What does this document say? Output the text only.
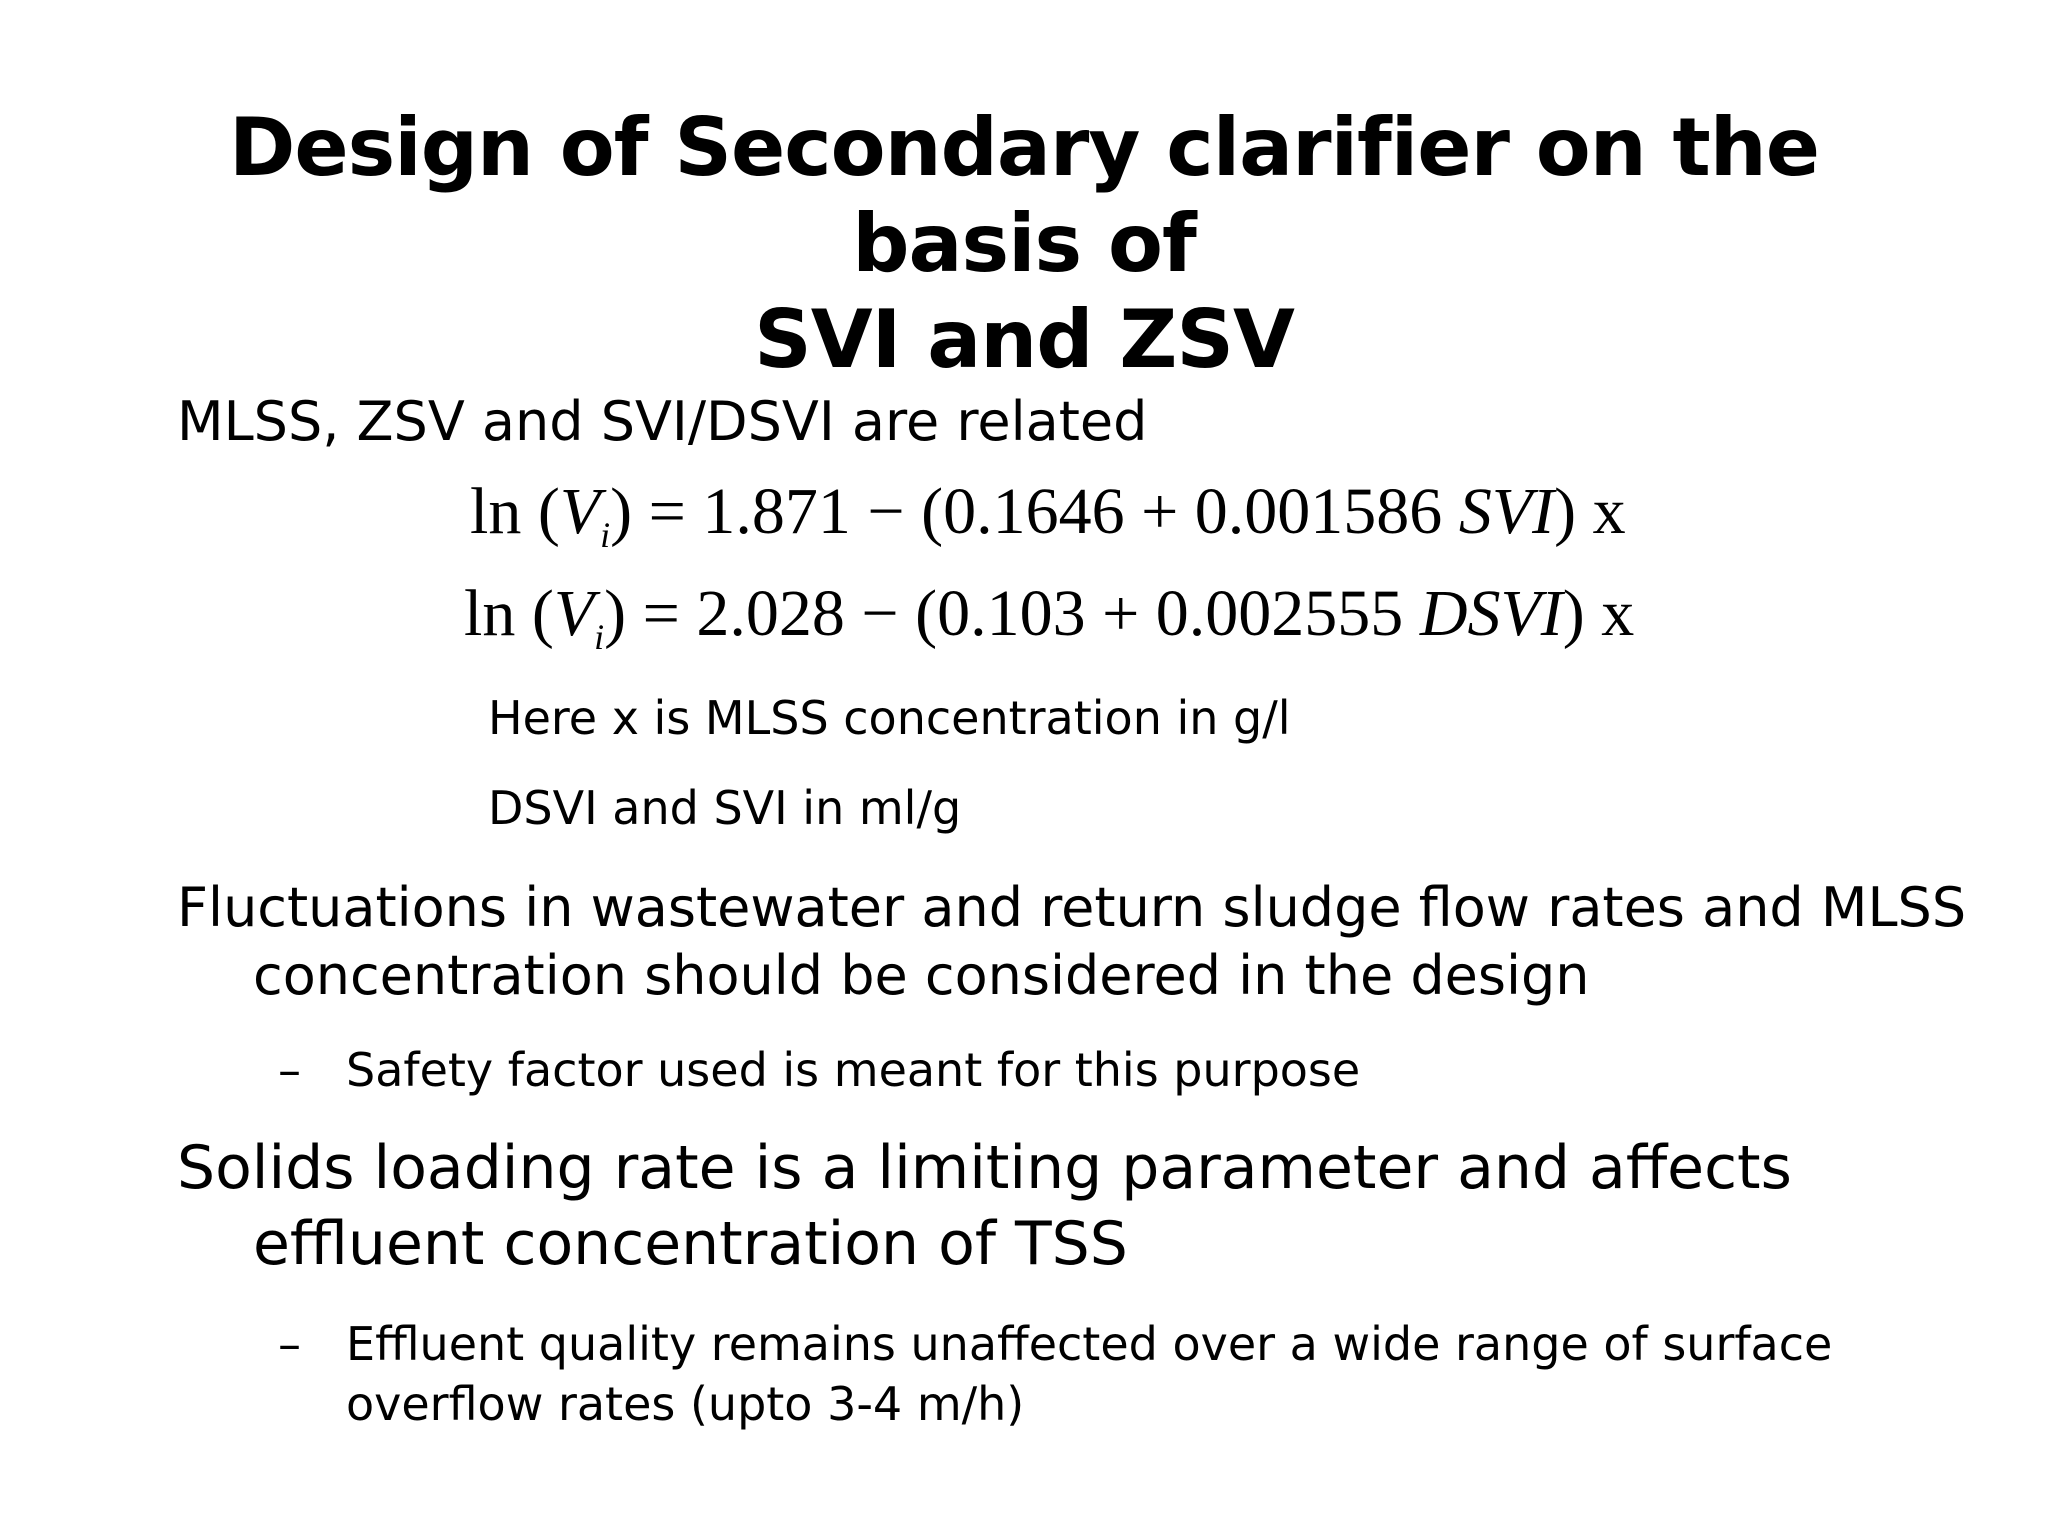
Design of Secondary clarifier on the basis of
SVI and ZSV
MLSS, ZSV and SVI/DSVI are related
$\ln (V_i) = 1.871 - (0.1646 + 0.001586$ SVI) x
$\ln (V_i) = 2.028 - (0.103 + 0.002555$ DSVI) x
Here x is MLSS concentration in g/l
DSVI and SVI in ml/g
Fluctuations in wastewater and return sludge flow rates and MLSS
concentration should be considered in the design
– Safety factor used is meant for this purpose
Solids loading rate is a limiting parameter and affects
effluent concentration of TSS
– Effluent quality remains unaffected over a wide range of surface
overflow rates (upto 3-4 m/h)
